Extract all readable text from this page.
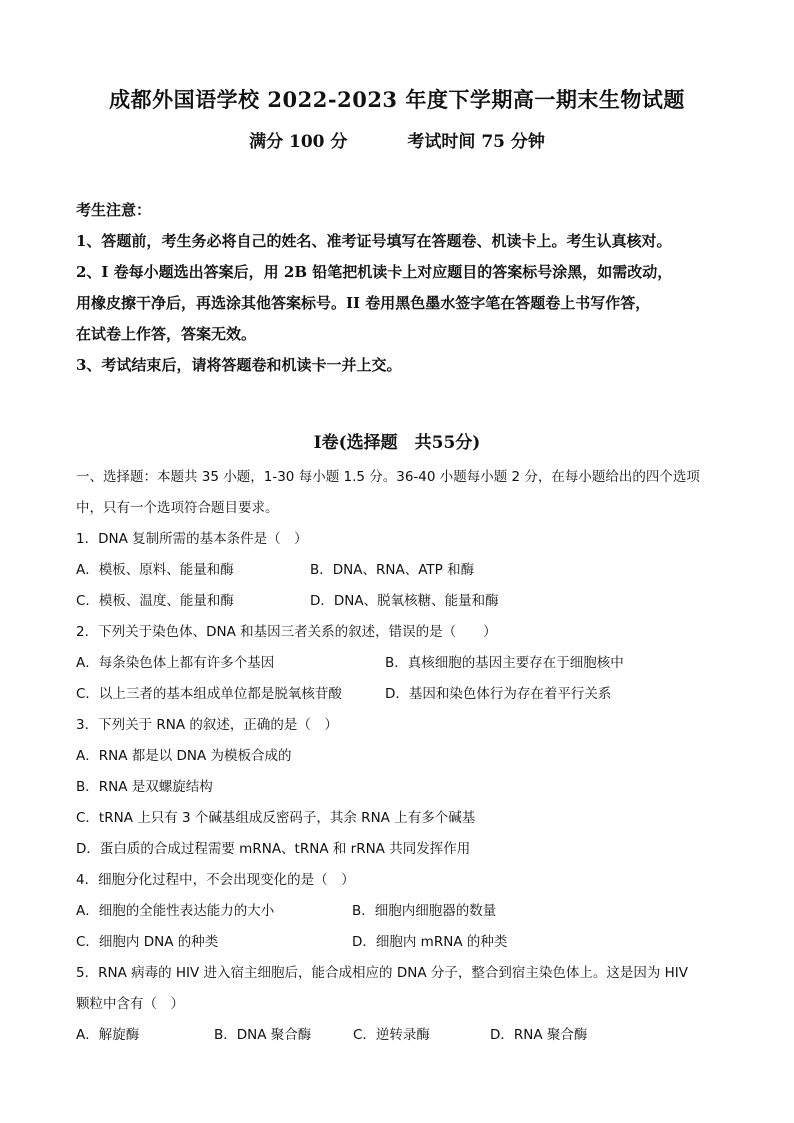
成都外国语学校 2022-2023 年度下学期高一期末生物试题
满分 100 分	考试时间 75 分钟

考生注意：

1、答题前，考生务必将自己的姓名、准考证号填写在答题卷、机读卡上。考生认真核对。

2、I 卷每小题选出答案后，用 2B 铅笔把机读卡上对应题目的答案标号涂黑，如需改动，

用橡皮擦干净后，再选涂其他答案标号。II 卷用黑色墨水签字笔在答题卷上书写作答，

在试卷上作答，答案无效。

3、考试结束后，请将答题卷和机读卡一并上交。

I卷(选择题　共55分)

一、选择题：本题共 35 小题，1-30 每小题 1.5 分。36-40 小题每小题 2 分，在每小题给出的四个选项

中，只有一个选项符合题目要求。

1．DNA 复制所需的基本条件是（　）

A．模板、原料、能量和酶	B．DNA、RNA、ATP 和酶
C．模板、温度、能量和酶	D．DNA、脱氧核糖、能量和酶

2．下列关于染色体、DNA 和基因三者关系的叙述，错误的是（　　）

A．每条染色体上都有许多个基因	B．真核细胞的基因主要存在于细胞核中
C．以上三者的基本组成单位都是脱氧核苷酸	D．基因和染色体行为存在着平行关系

3．下列关于 RNA 的叙述，正确的是（　）

A．RNA 都是以 DNA 为模板合成的

B．RNA 是双螺旋结构

C．tRNA 上只有 3 个碱基组成反密码子，其余 RNA 上有多个碱基

D．蛋白质的合成过程需要 mRNA、tRNA 和 rRNA 共同发挥作用

4．细胞分化过程中，不会出现变化的是（　）

A．细胞的全能性表达能力的大小	B．细胞内细胞器的数量
C．细胞内 DNA 的种类	D．细胞内 mRNA 的种类

5．RNA 病毒的 HIV 进入宿主细胞后，能合成相应的 DNA 分子，整合到宿主染色体上。这是因为 HIV

颗粒中含有（　）

A．解旋酶	B．DNA 聚合酶	C．逆转录酶	D．RNA 聚合酶
